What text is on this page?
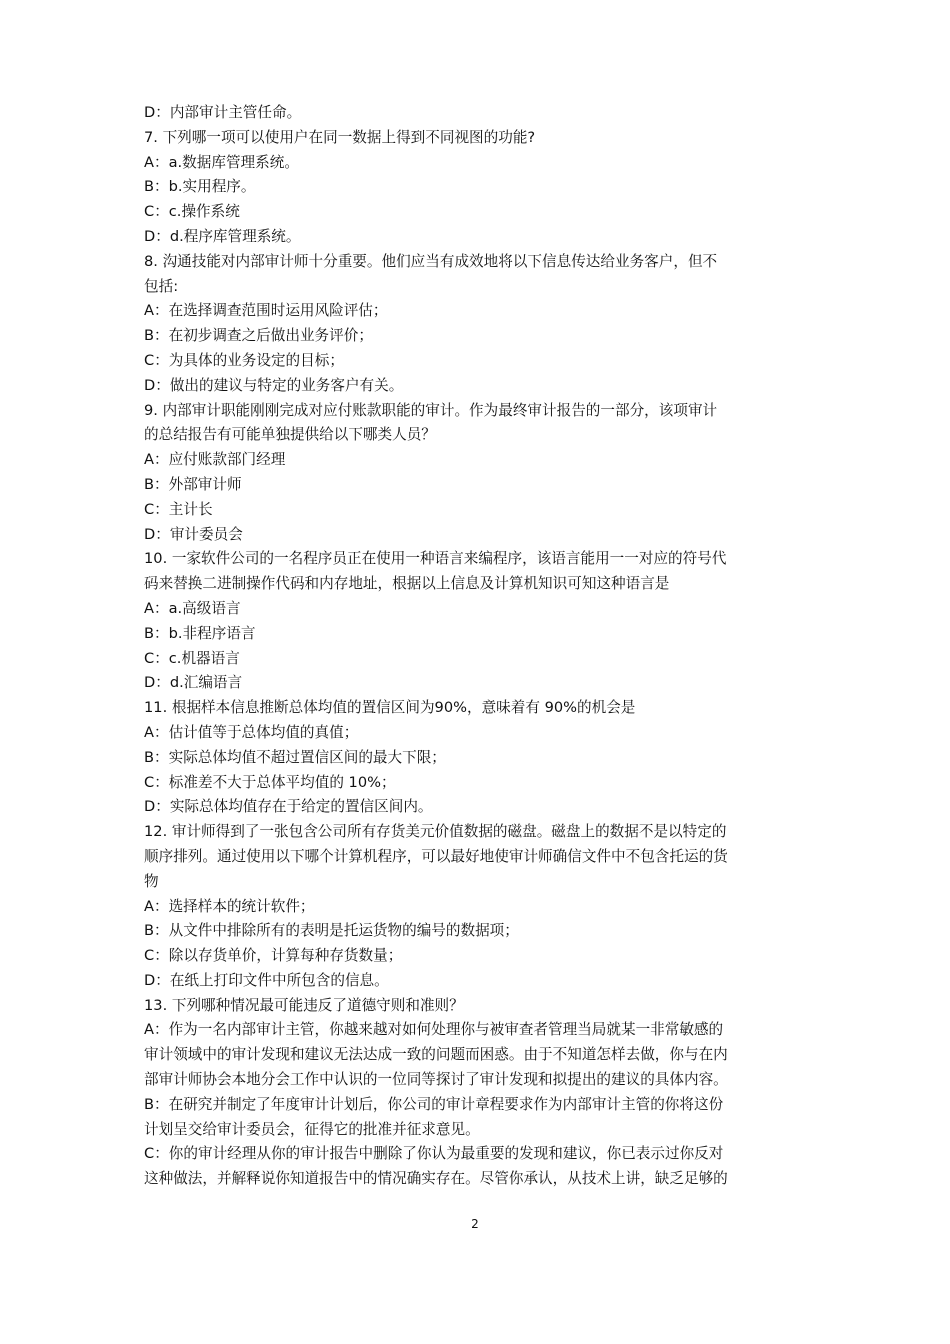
D：内部审计主管任命。
7. 下列哪一项可以使用户在同一数据上得到不同视图的功能?
A：a.数据库管理系统。
B：b.实用程序。
C：c.操作系统
D：d.程序库管理系统。
8. 沟通技能对内部审计师十分重要。他们应当有成效地将以下信息传达给业务客户，但不
包括:
A：在选择调查范围时运用风险评估；
B：在初步调查之后做出业务评价；
C：为具体的业务设定的目标；
D：做出的建议与特定的业务客户有关。
9. 内部审计职能刚刚完成对应付账款职能的审计。作为最终审计报告的一部分，该项审计
的总结报告有可能单独提供给以下哪类人员？
A：应付账款部门经理
B：外部审计师
C：主计长
D：审计委员会
10. 一家软件公司的一名程序员正在使用一种语言来编程序，该语言能用一一对应的符号代
码来替换二进制操作代码和内存地址，根据以上信息及计算机知识可知这种语言是
A：a.高级语言
B：b.非程序语言
C：c.机器语言
D：d.汇编语言
11. 根据样本信息推断总体均值的置信区间为90%，意味着有 90%的机会是
A：估计值等于总体均值的真值；
B：实际总体均值不超过置信区间的最大下限；
C：标准差不大于总体平均值的 10%；
D：实际总体均值存在于给定的置信区间内。
12. 审计师得到了一张包含公司所有存货美元价值数据的磁盘。磁盘上的数据不是以特定的
顺序排列。通过使用以下哪个计算机程序，可以最好地使审计师确信文件中不包含托运的货
物
A：选择样本的统计软件；
B：从文件中排除所有的表明是托运货物的编号的数据项；
C：除以存货单价，计算每种存货数量；
D：在纸上打印文件中所包含的信息。
13. 下列哪种情况最可能违反了道德守则和准则？
A：作为一名内部审计主管，你越来越对如何处理你与被审查者管理当局就某一非常敏感的
审计领域中的审计发现和建议无法达成一致的问题而困惑。由于不知道怎样去做，你与在内
部审计师协会本地分会工作中认识的一位同等探讨了审计发现和拟提出的建议的具体内容。
B：在研究并制定了年度审计计划后，你公司的审计章程要求作为内部审计主管的你将这份
计划呈交给审计委员会，征得它的批准并征求意见。
C：你的审计经理从你的审计报告中删除了你认为最重要的发现和建议，你已表示过你反对
这种做法，并解释说你知道报告中的情况确实存在。尽管你承认，从技术上讲，缺乏足够的
2
